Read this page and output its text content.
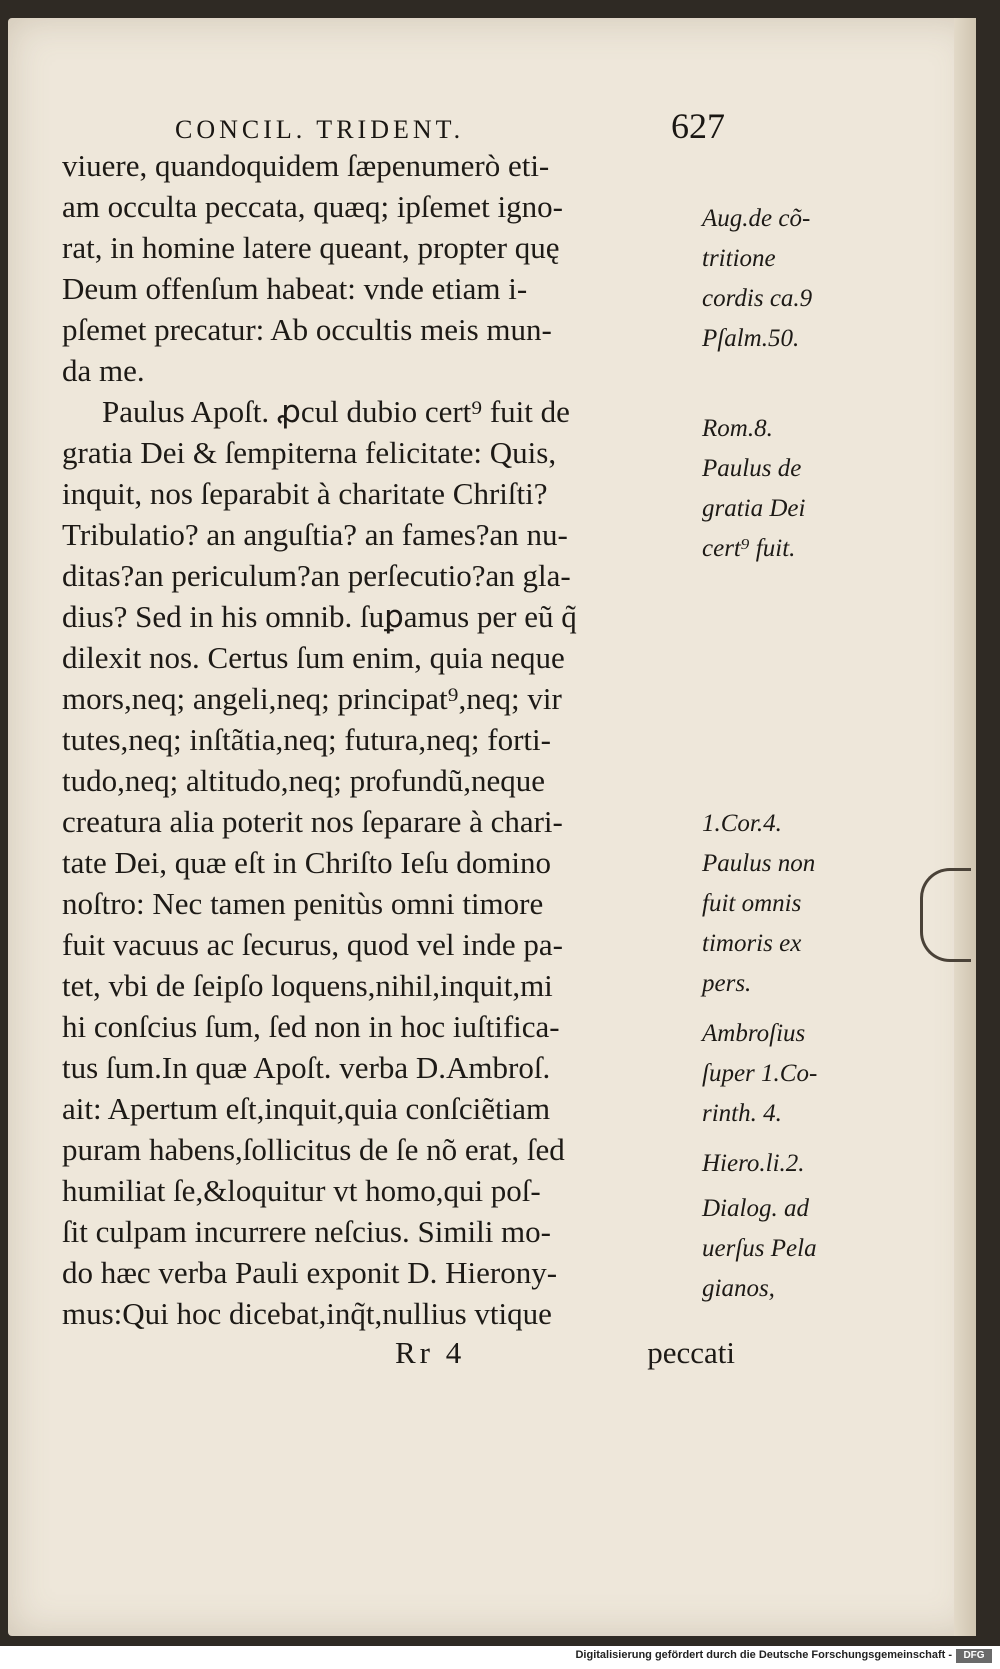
CONCIL. TRIDENT.	627
viuere, quandoquidem ſæpenumerò eti-
am occulta peccata, quæq; ipſemet igno-
rat, in homine latere queant, propter quę
Deum offenſum habeat: vnde etiam i-
pſemet precatur: Ab occultis meis mun-
da me.
Paulus Apoſt. ꝓcul dubio cert⁹ fuit de
gratia Dei & ſempiterna felicitate: Quis,
inquit, nos ſeparabit à charitate Chriſti?
Tribulatio? an anguſtia? an fames?an nu-
ditas?an periculum?an perſecutio?an gla-
dius? Sed in his omnib. ſuꝑamus per eũ q̃
dilexit nos. Certus ſum enim, quia neque
mors,neq; angeli,neq; principat⁹,neq; vir
tutes,neq; inſtãtia,neq; futura,neq; forti-
tudo,neq; altitudo,neq; profundũ,neque
creatura alia poterit nos ſeparare à chari-
tate Dei, quæ eſt in Chriſto Ieſu domino
noſtro: Nec tamen penitùs omni timore
fuit vacuus ac ſecurus, quod vel inde pa-
tet, vbi de ſeipſo loquens,nihil,inquit,mi
hi conſcius ſum, ſed non in hoc iuſtifica-
tus ſum.In quæ Apoſt. verba D.Ambroſ.
ait: Apertum eſt,inquit,quia conſciẽtiam
puram habens,ſollicitus de ſe nõ erat, ſed
humiliat ſe,&loquitur vt homo,qui poſ-
ſit culpam incurrere neſcius. Simili mo-
do hæc verba Pauli exponit D. Hierony-
mus:Qui hoc dicebat,inq̃t,nullius vtique
Aug.de cõ-
tritione
cordis ca.9
Pſalm.50.
Rom.8.
Paulus de
gratia Dei
cert⁹ fuit.
1.Cor.4.
Paulus non
fuit omnis
timoris ex
pers.
Ambroſius
ſuper 1.Co-
rinth. 4.
Hiero.li.2.
Dialog. ad
uerſus Pela
gianos,
Rr 4	peccati
Digitalisierung gefördert durch die Deutsche Forschungsgemeinschaft -	DFG
